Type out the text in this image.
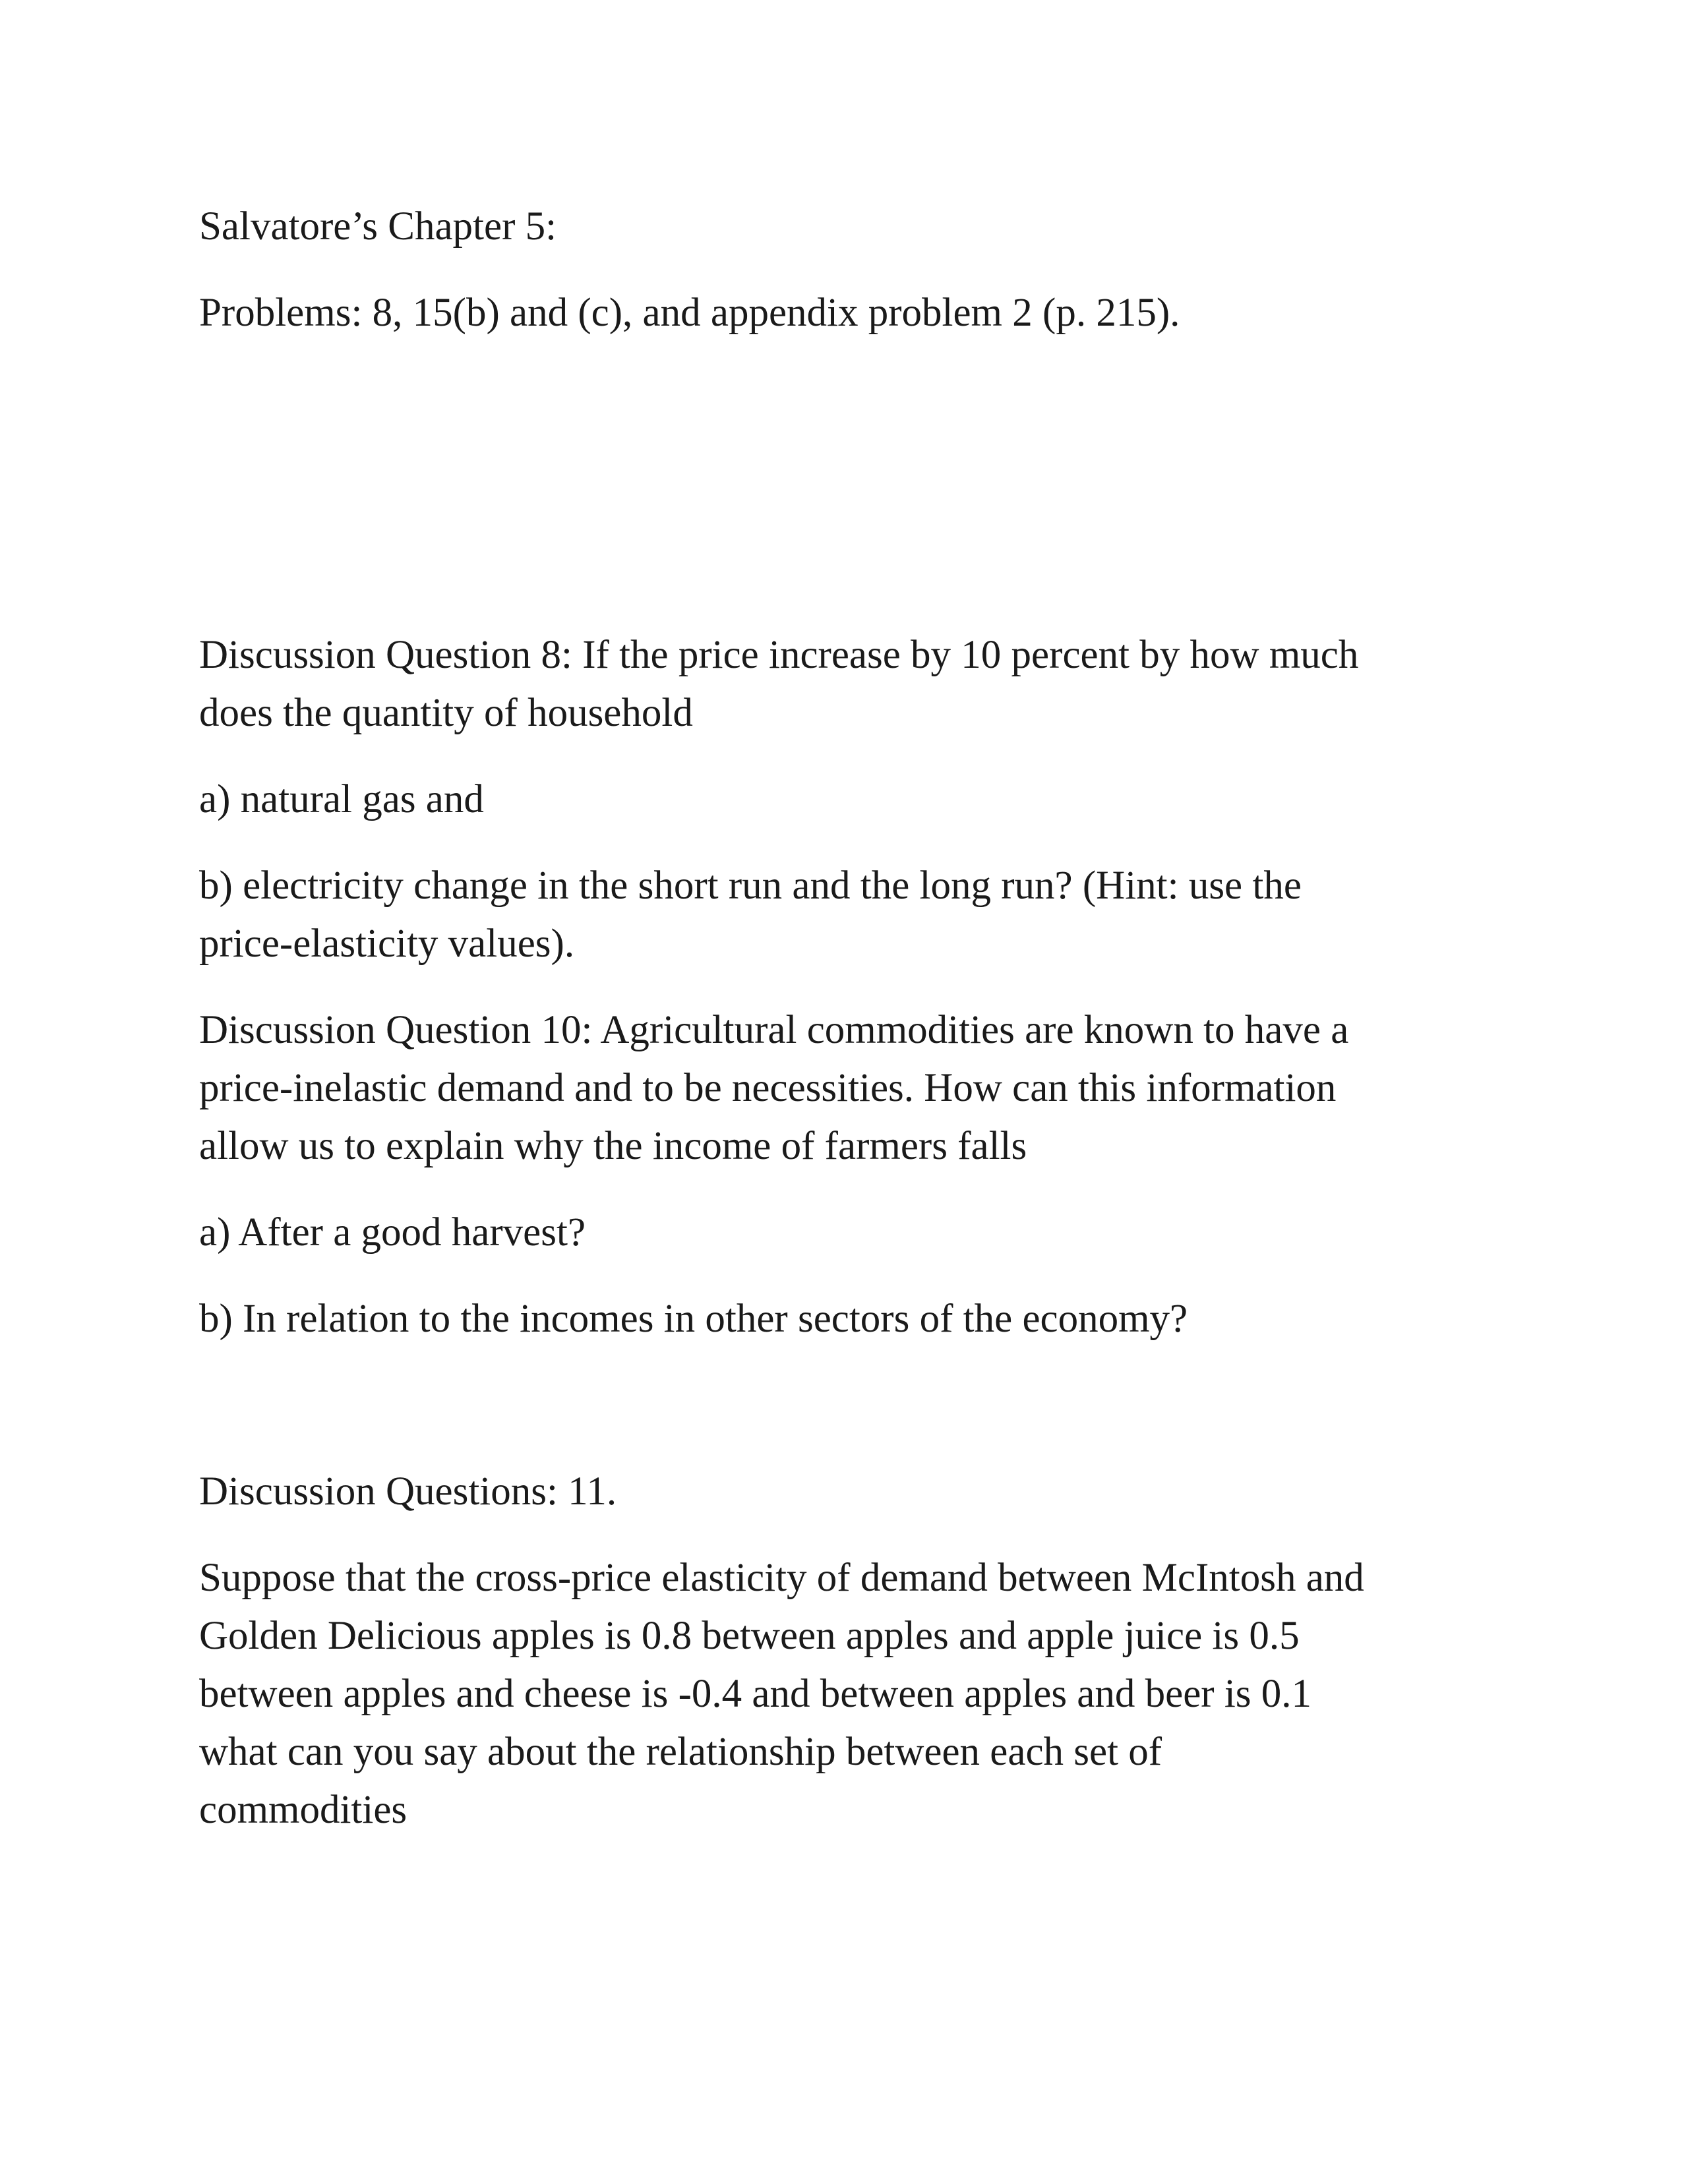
Salvatore’s Chapter 5:
Problems: 8, 15(b) and (c), and appendix problem 2 (p. 215).
Discussion Question 8: If the price increase by 10 percent by how much
does the quantity of household
a) natural gas and
b) electricity change in the short run and the long run? (Hint: use the
price-elasticity values).
Discussion Question 10: Agricultural commodities are known to have a
price-inelastic demand and to be necessities. How can this information
allow us to explain why the income of farmers falls
a) After a good harvest?
b) In relation to the incomes in other sectors of the economy?
Discussion Questions: 11.
Suppose that the cross-price elasticity of demand between McIntosh and
Golden Delicious apples is 0.8 between apples and apple juice is 0.5
between apples and cheese is -0.4 and between apples and beer is 0.1
what can you say about the relationship between each set of
commodities
